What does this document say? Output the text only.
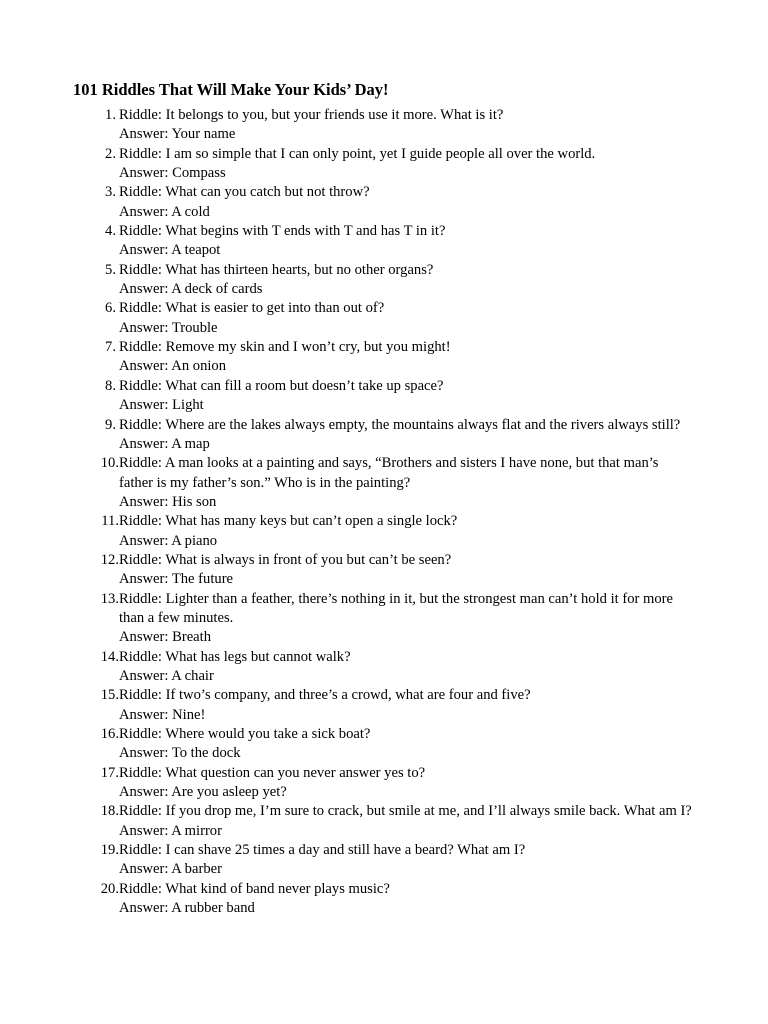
101 Riddles That Will Make Your Kids’ Day!
1. Riddle: It belongs to you, but your friends use it more. What is it?
Answer: Your name
2. Riddle: I am so simple that I can only point, yet I guide people all over the world.
Answer: Compass
3. Riddle: What can you catch but not throw?
Answer: A cold
4. Riddle: What begins with T ends with T and has T in it?
Answer: A teapot
5. Riddle: What has thirteen hearts, but no other organs?
Answer: A deck of cards
6. Riddle: What is easier to get into than out of?
Answer: Trouble
7. Riddle: Remove my skin and I won’t cry, but you might!
Answer: An onion
8. Riddle: What can fill a room but doesn’t take up space?
Answer: Light
9. Riddle: Where are the lakes always empty, the mountains always flat and the rivers always still?
Answer: A map
10. Riddle: A man looks at a painting and says, “Brothers and sisters I have none, but that man’s father is my father’s son.” Who is in the painting?
Answer: His son
11. Riddle: What has many keys but can’t open a single lock?
Answer: A piano
12. Riddle: What is always in front of you but can’t be seen?
Answer: The future
13. Riddle: Lighter than a feather, there’s nothing in it, but the strongest man can’t hold it for more than a few minutes.
Answer: Breath
14. Riddle: What has legs but cannot walk?
Answer: A chair
15. Riddle: If two’s company, and three’s a crowd, what are four and five?
Answer: Nine!
16. Riddle: Where would you take a sick boat?
Answer: To the dock
17. Riddle: What question can you never answer yes to?
Answer: Are you asleep yet?
18. Riddle: If you drop me, I’m sure to crack, but smile at me, and I’ll always smile back. What am I?
Answer: A mirror
19. Riddle: I can shave 25 times a day and still have a beard? What am I?
Answer: A barber
20. Riddle: What kind of band never plays music?
Answer: A rubber band
